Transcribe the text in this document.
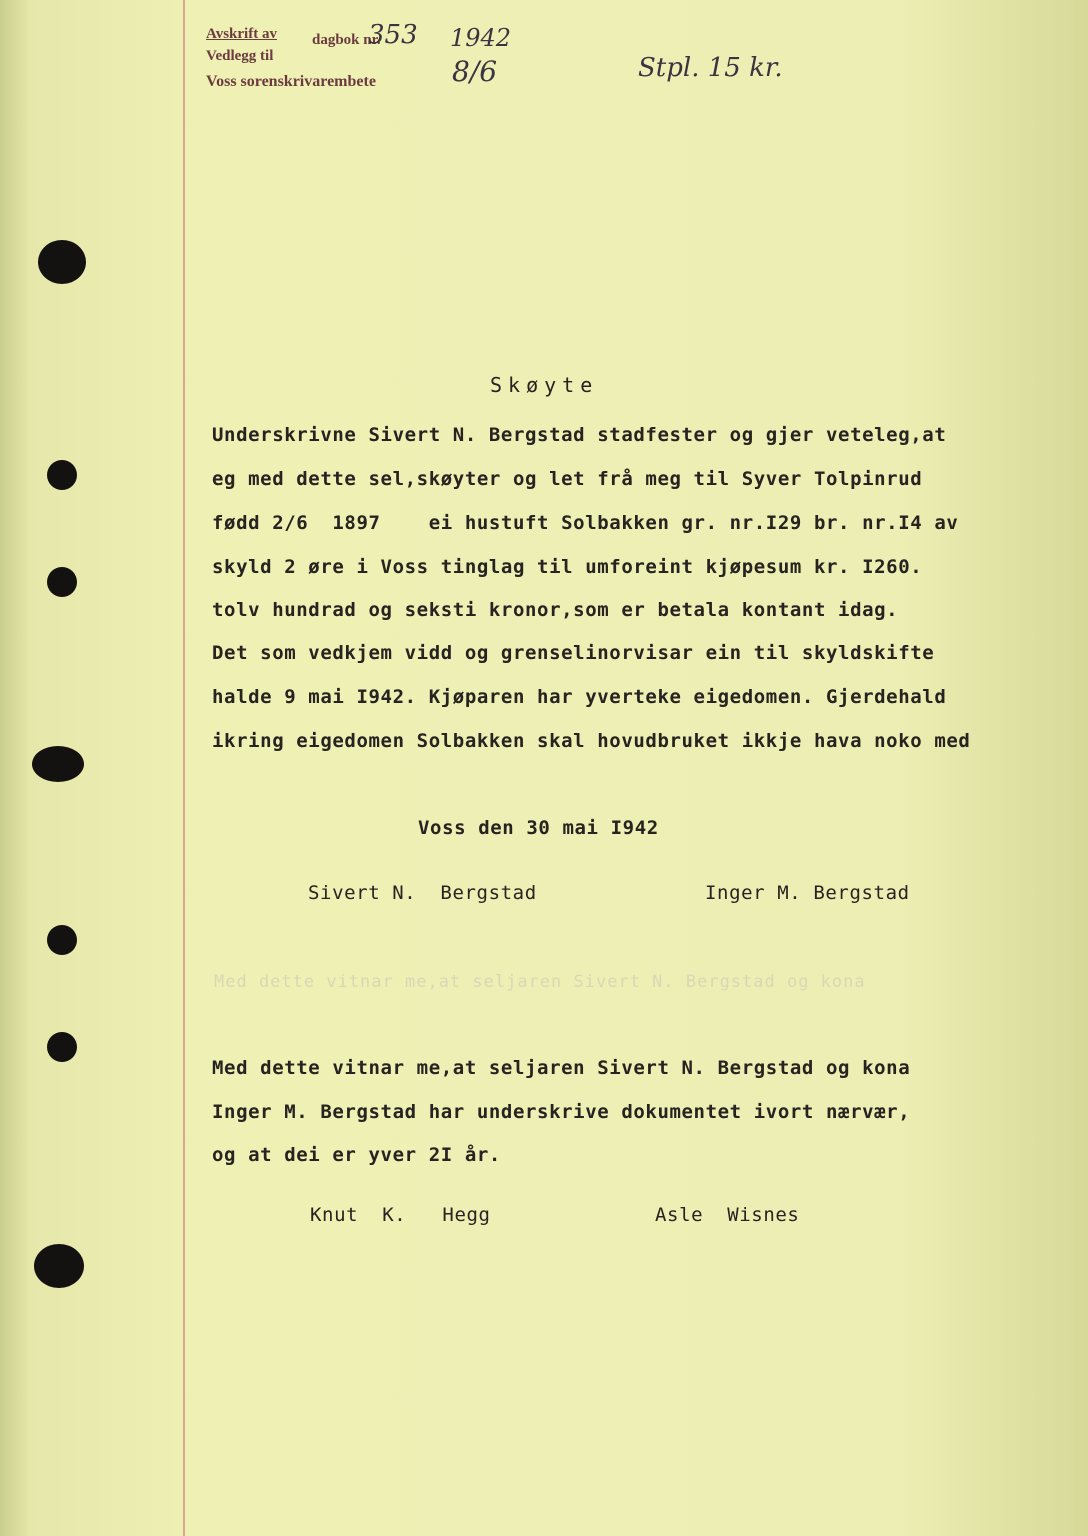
Avskrift av dagbok nr.
Vedlegg til
Voss sorenskrivarembete
353 1942
8/6	Stpl. 15 kr.
Skøyte
Underskrivne Sivert N. Bergstad stadfester og gjer veteleg,at
eg med dette sel,skøyter og let frå meg til Syver Tolpinrud
fødd 2/6  1897    ei hustuft Solbakken gr. nr.I29 br. nr.I4 av
skyld 2 øre i Voss tinglag til umforeint kjøpesum kr. I260.
tolv hundrad og seksti kronor,som er betala kontant idag.
Det som vedkjem vidd og grenselinorvisar ein til skyldskifte
halde 9 mai I942. Kjøparen har yverteke eigedomen. Gjerdehald
ikring eigedomen Solbakken skal hovudbruket ikkje hava noko med
Voss den 30 mai I942
Sivert N.  Bergstad	Inger M. Bergstad
Med dette vitnar me,at seljaren Sivert N. Bergstad og kona
Med dette vitnar me,at seljaren Sivert N. Bergstad og kona
Inger M. Bergstad har underskrive dokumentet ivort nærvær,
og at dei er yver 2I år.
Knut  K.   Hegg	Asle  Wisnes
